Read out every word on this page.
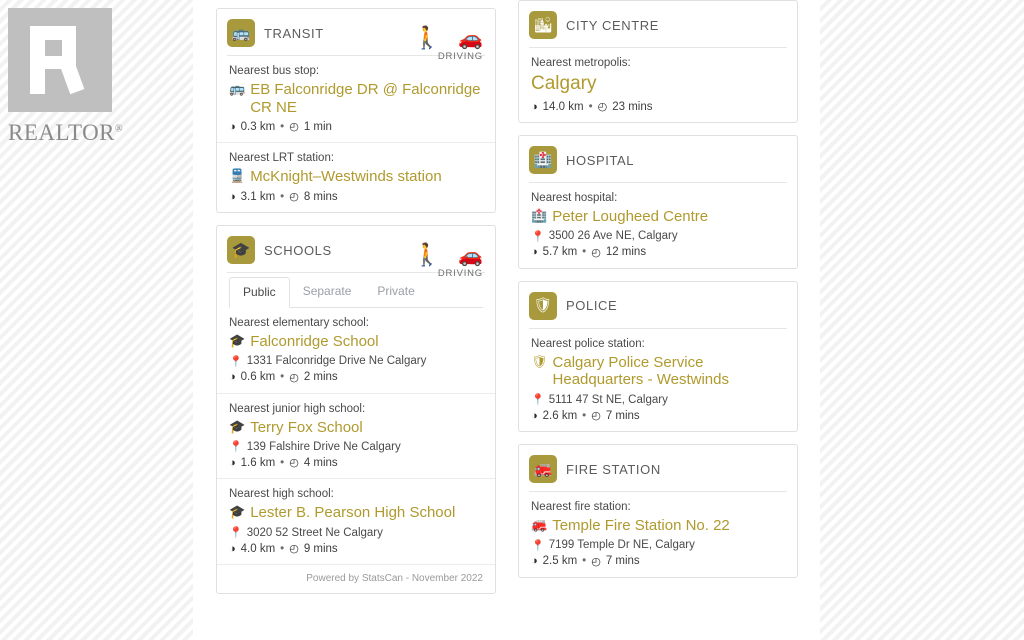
REALTOR®
🚌	TRANSIT	🚶 🚗
DRIVING
Nearest bus stop:
🚌 EB Falconridge DR @ Falconridge CR NE
◑ 0.3 km • ◴ 1 min
Nearest LRT station:
🚆 McKnight–Westwinds station
◑ 3.1 km • ◴ 8 mins
🎓	SCHOOLS	🚶 🚗
DRIVING
Public	Separate	Private
Nearest elementary school:
🎓 Falconridge School
📍 1331 Falconridge Drive Ne Calgary
◑ 0.6 km • ◴ 2 mins
Nearest junior high school:
🎓 Terry Fox School
📍 139 Falshire Drive Ne Calgary
◑ 1.6 km • ◴ 4 mins
Nearest high school:
🎓 Lester B. Pearson High School
📍 3020 52 Street Ne Calgary
◑ 4.0 km • ◴ 9 mins
Powered by StatsCan - November 2022
🏙	CITY CENTRE
Nearest metropolis:
Calgary
◑ 14.0 km • ◴ 23 mins
🏥	HOSPITAL
Nearest hospital:
🏥 Peter Lougheed Centre
📍 3500 26 Ave NE, Calgary
◑ 5.7 km • ◴ 12 mins
🛡	POLICE
Nearest police station:
🛡 Calgary Police Service Headquarters - Westwinds
📍 5111 47 St NE, Calgary
◑ 2.6 km • ◴ 7 mins
🚒	FIRE STATION
Nearest fire station:
🚒 Temple Fire Station No. 22
📍 7199 Temple Dr NE, Calgary
◑ 2.5 km • ◴ 7 mins
